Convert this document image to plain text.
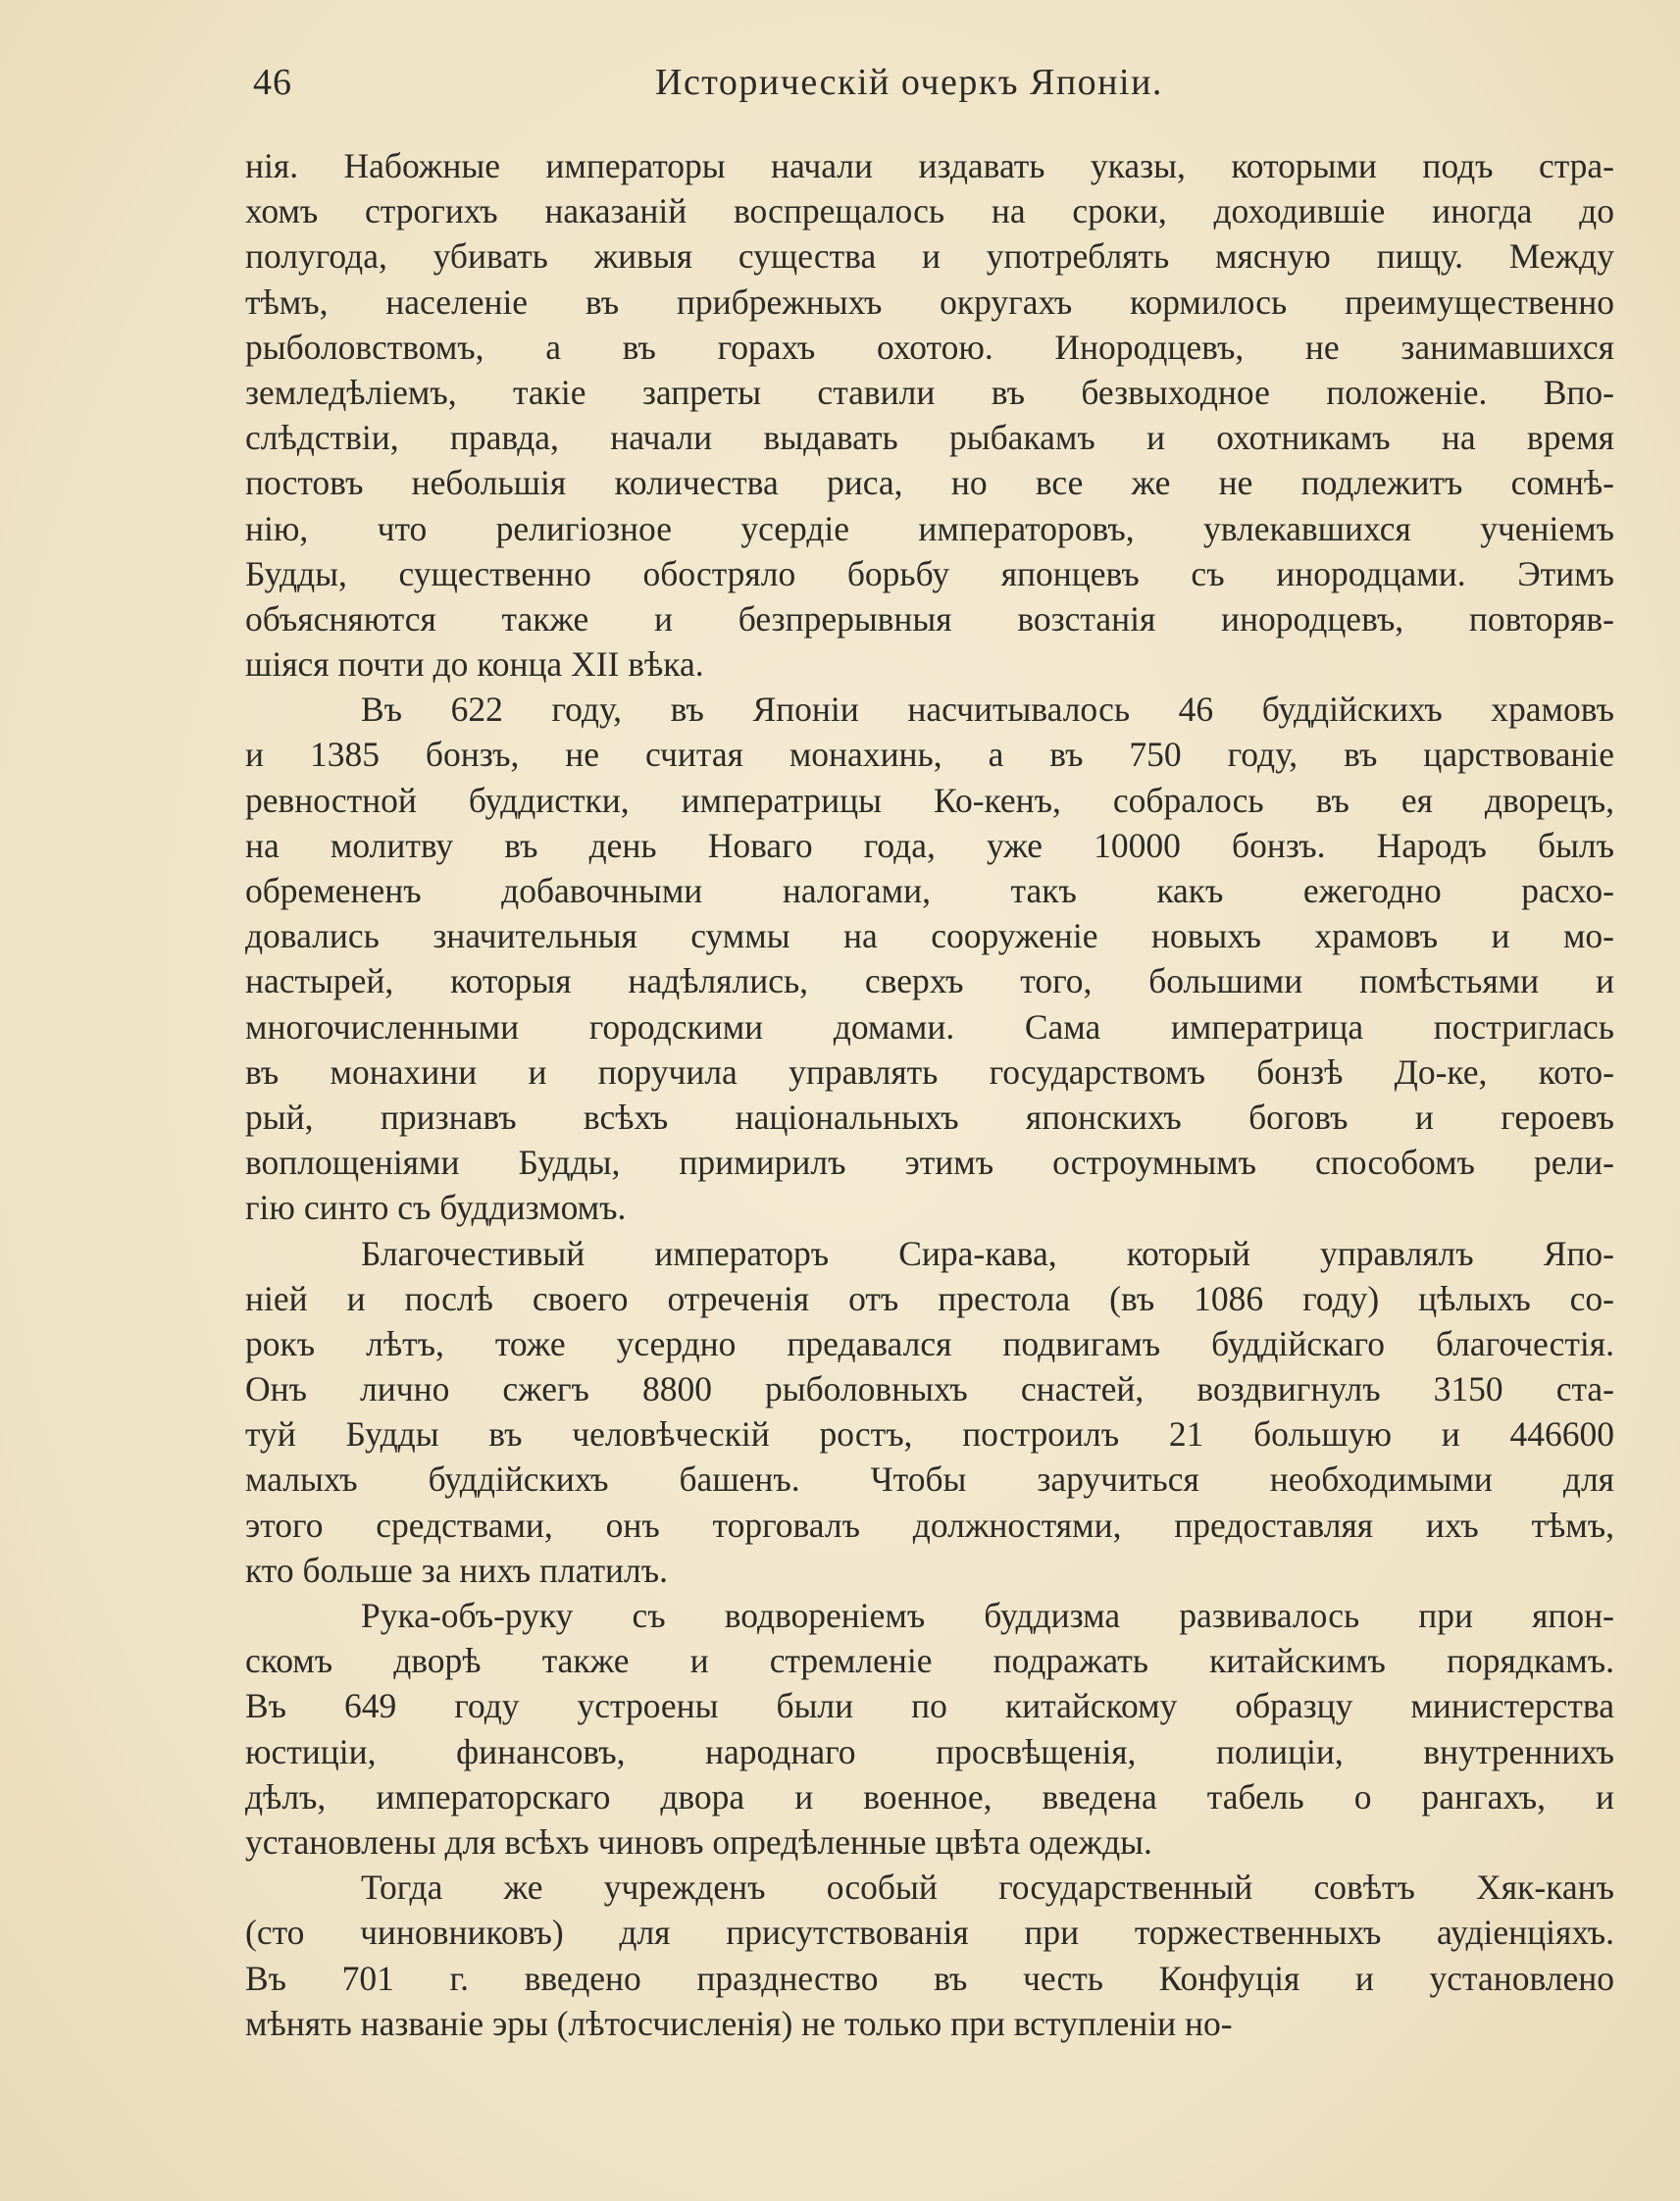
46	Историческій очеркъ Японіи.
нія. Набожные императоры начали издавать указы, которыми подъ стра-
хомъ строгихъ наказаній воспрещалось на сроки, доходившіе иногда до
полугода, убивать живыя существа и употреблять мясную пищу. Между
тѣмъ, населеніе въ прибрежныхъ округахъ кормилось преимущественно
рыболовствомъ, а въ горахъ охотою. Инородцевъ, не занимавшихся
земледѣліемъ, такіе запреты ставили въ безвыходное положеніе. Впо-
слѣдствіи, правда, начали выдавать рыбакамъ и охотникамъ на время
постовъ небольшія количества риса, но все же не подлежитъ сомнѣ-
нію, что религіозное усердіе императоровъ, увлекавшихся ученіемъ
Будды, существенно обостряло борьбу японцевъ съ инородцами. Этимъ
объясняются также и безпрерывныя возстанія инородцевъ, повторяв-
шіяся почти до конца XII вѣка.
Въ 622 году, въ Японіи насчитывалось 46 буддійскихъ храмовъ
и 1385 бонзъ, не считая монахинь, а въ 750 году, въ царствованіе
ревностной буддистки, императрицы Ко-кенъ, собралось въ ея дворецъ,
на молитву въ день Новаго года, уже 10000 бонзъ. Народъ былъ
обремененъ добавочными налогами, такъ какъ ежегодно расхо-
довались значительныя суммы на сооруженіе новыхъ храмовъ и мо-
настырей, которыя надѣлялись, сверхъ того, большими помѣстьями и
многочисленными городскими домами. Сама императрица постриглась
въ монахини и поручила управлять государствомъ бонзѣ До-ке, кото-
рый, признавъ всѣхъ національныхъ японскихъ боговъ и героевъ
воплощеніями Будды, примирилъ этимъ остроумнымъ способомъ рели-
гію синто съ буддизмомъ.
Благочестивый императоръ Сира-кава, который управлялъ Япо-
ніей и послѣ своего отреченія отъ престола (въ 1086 году) цѣлыхъ со-
рокъ лѣтъ, тоже усердно предавался подвигамъ буддійскаго благочестія.
Онъ лично сжегъ 8800 рыболовныхъ снастей, воздвигнулъ 3150 ста-
туй Будды въ человѣческій ростъ, построилъ 21 большую и 446600
малыхъ буддійскихъ башенъ. Чтобы заручиться необходимыми для
этого средствами, онъ торговалъ должностями, предоставляя ихъ тѣмъ,
кто больше за нихъ платилъ.
Рука-объ-руку съ водвореніемъ буддизма развивалось при япон-
скомъ дворѣ также и стремленіе подражать китайскимъ порядкамъ.
Въ 649 году устроены были по китайскому образцу министерства
юстиціи, финансовъ, народнаго просвѣщенія, полиціи, внутреннихъ
дѣлъ, императорскаго двора и военное, введена табель о рангахъ, и
установлены для всѣхъ чиновъ опредѣленные цвѣта одежды.
Тогда же учрежденъ особый государственный совѣтъ Хяк-канъ
(сто чиновниковъ) для присутствованія при торжественныхъ аудіенціяхъ.
Въ 701 г. введено празднество въ честь Конфуція и установлено
мѣнять названіе эры (лѣтосчисленія) не только при вступленіи но-
